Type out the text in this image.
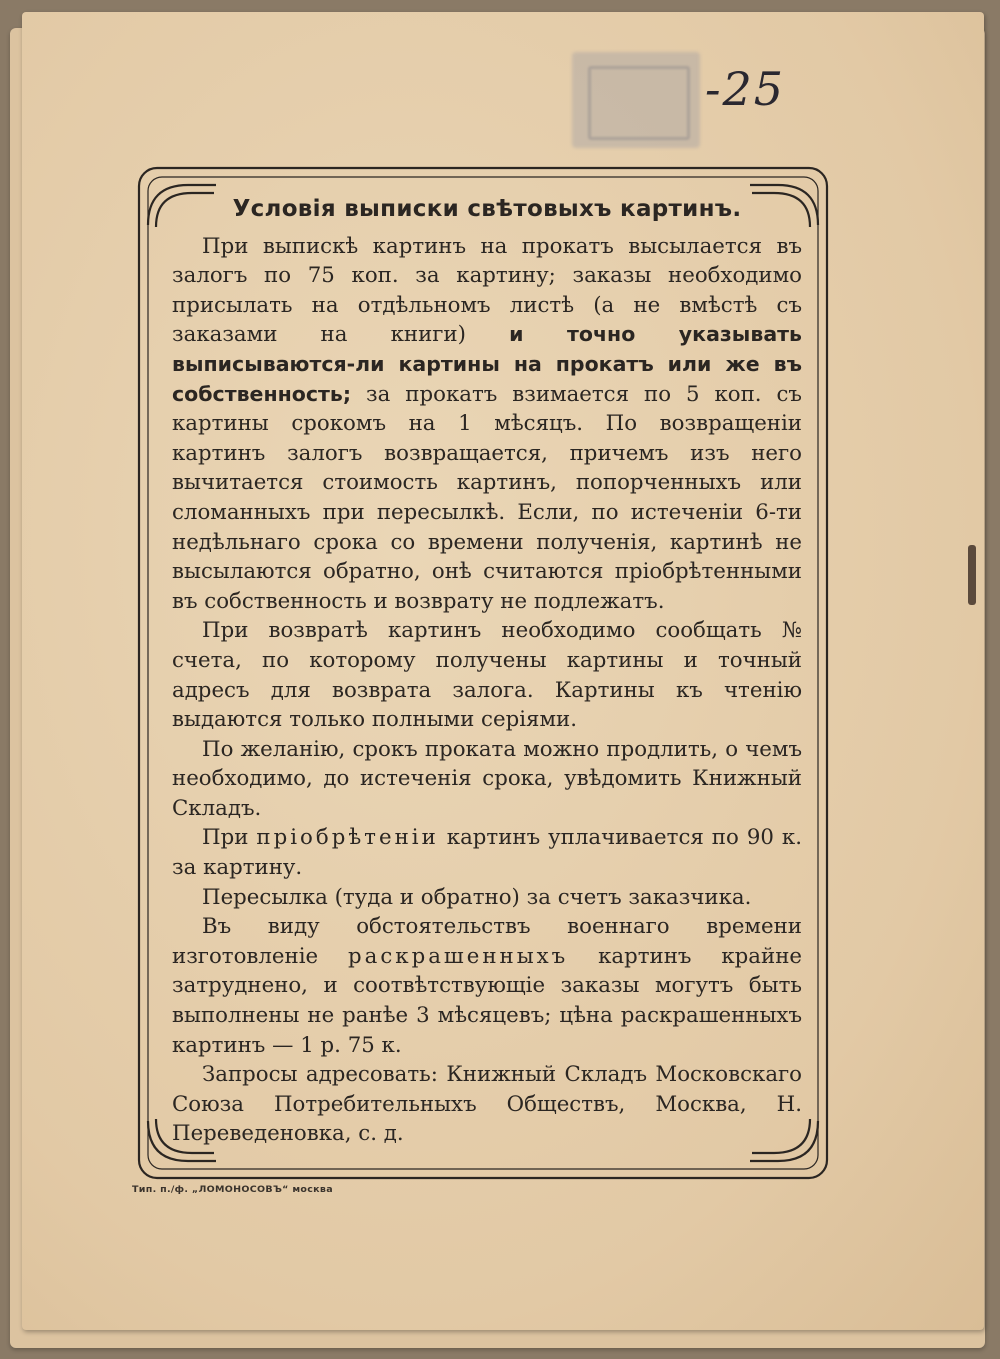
-25
Условія выписки свѣтовыхъ картинъ.

При выпискѣ картинъ на прокатъ высылается въ залогъ по 75 коп. за картину; заказы необходимо присылать на отдѣльномъ листѣ (а не вмѣстѣ съ заказами на книги) и точно указывать выписываются-ли картины на прокатъ или же въ собственность; за прокатъ взимается по 5 коп. съ картины срокомъ на 1 мѣсяцъ. По возвращеніи картинъ залогъ возвращается, причемъ изъ него вычитается стоимость картинъ, попорченныхъ или сломанныхъ при пересылкѣ. Если, по истеченіи 6-ти недѣльнаго срока со времени полученія, картинѣ не высылаются обратно, онѣ считаются пріобрѣтенными въ собственность и возврату не подлежатъ.

При возвратѣ картинъ необходимо сообщать № счета, по которому получены картины и точный адресъ для возврата залога. Картины къ чтенію выдаются только полными серіями.

По желанію, срокъ проката можно продлить, о чемъ необходимо, до истеченія срока, увѣдомить Книжный Складъ.

При пріобрѣтеніи картинъ уплачивается по 90 к. за картину.

Пересылка (туда и обратно) за счетъ заказчика.

Въ виду обстоятельствъ военнаго времени изготовленіе раскрашенныхъ картинъ крайне затруднено, и соотвѣтствующіе заказы могутъ быть выполнены не ранѣе 3 мѣсяцевъ; цѣна раскрашенныхъ картинъ — 1 р. 75 к.

Запросы адресовать: Книжный Складъ Московскаго Союза Потребительныхъ Обществъ, Москва, Н. Переведеновка, с. д.

Тип. п./ф. „ЛОМОНОСОВЪ“ москва
